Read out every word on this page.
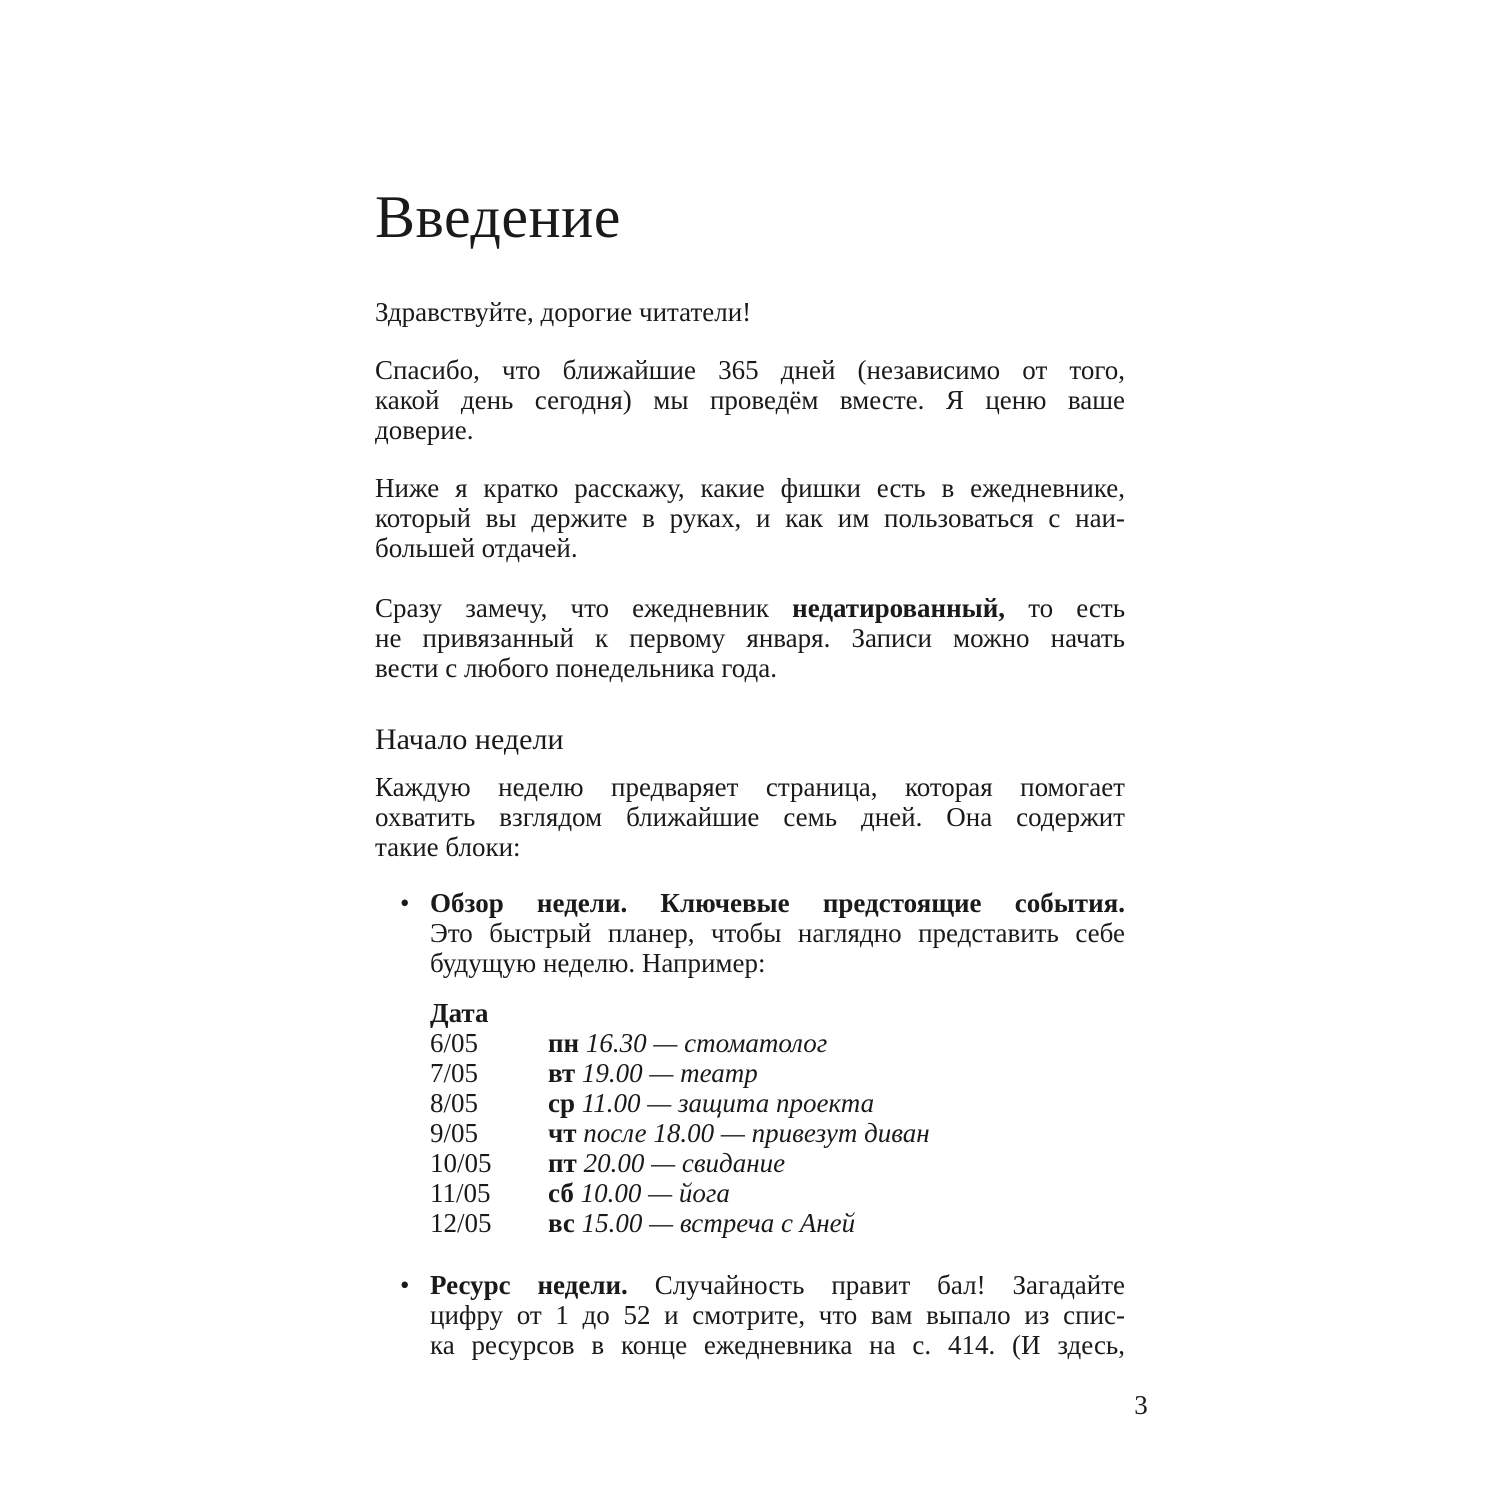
Введение
Здравствуйте, дорогие читатели!
Спасибо, что ближайшие 365 дней (независимо от того,
какой день сегодня) мы проведём вместе. Я ценю ваше
доверие.
Ниже я кратко расскажу, какие фишки есть в ежедневнике,
который вы держите в руках, и как им пользоваться с наи-
большей отдачей.
Сразу замечу, что ежедневник недатированный, то есть
не привязанный к первому января. Записи можно начать
вести с любого понедельника года.
Начало недели
Каждую неделю предваряет страница, которая помогает
охватить взглядом ближайшие семь дней. Она содержит
такие блоки:
• Обзор недели. Ключевые предстоящие события.
Это быстрый планер, чтобы наглядно представить себе
будущую неделю. Например:
Дата
6/05	пн 16.30 — стоматолог
7/05	вт 19.00 — театр
8/05	ср 11.00 — защита проекта
9/05	чт после 18.00 — привезут диван
10/05 пт 20.00 — свидание
11/05 сб 10.00 — йога
12/05 вс 15.00 — встреча с Аней
• Ресурс недели. Случайность правит бал! Загадайте
цифру от 1 до 52 и смотрите, что вам выпало из спис-
ка ресурсов в конце ежедневника на с. 414. (И здесь,
3
